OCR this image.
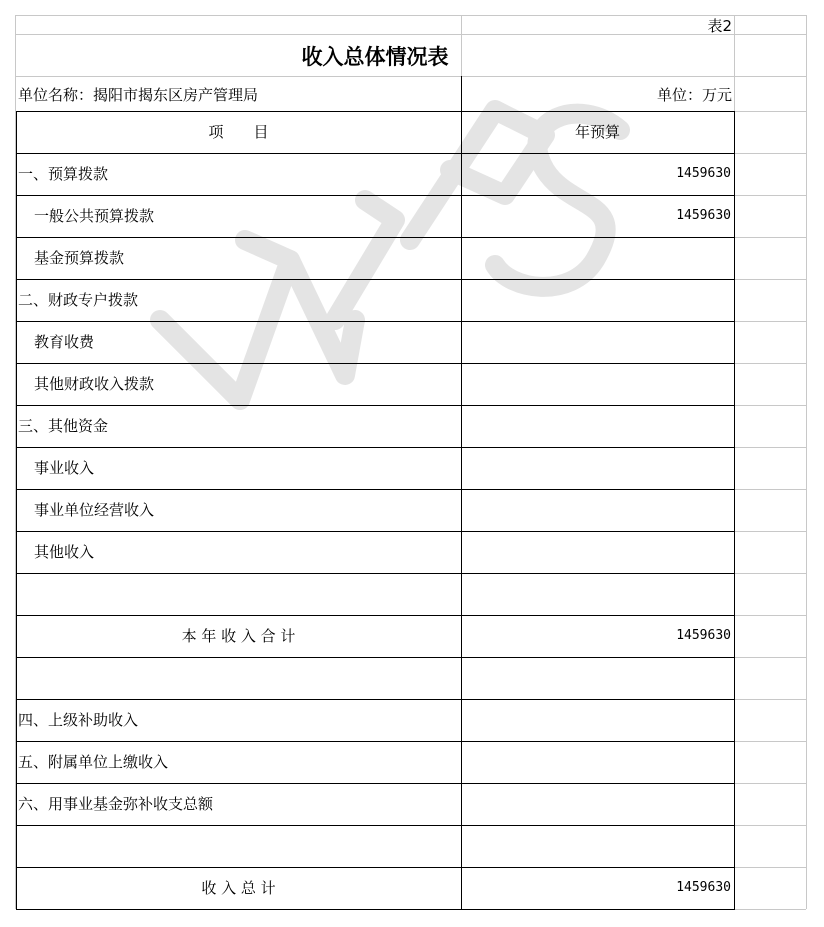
表2
收入总体情况表
单位名称：揭阳市揭东区房产管理局	单位：万元
项　　目	年预算
一、预算拨款	1459630
一般公共预算拨款	1459630
基金预算拨款
二、财政专户拨款
教育收费
其他财政收入拨款
三、其他资金
事业收入
事业单位经营收入
其他收入
本 年 收 入 合 计	1459630
四、上级补助收入
五、附属单位上缴收入
六、用事业基金弥补收支总额
收 入 总 计	1459630
